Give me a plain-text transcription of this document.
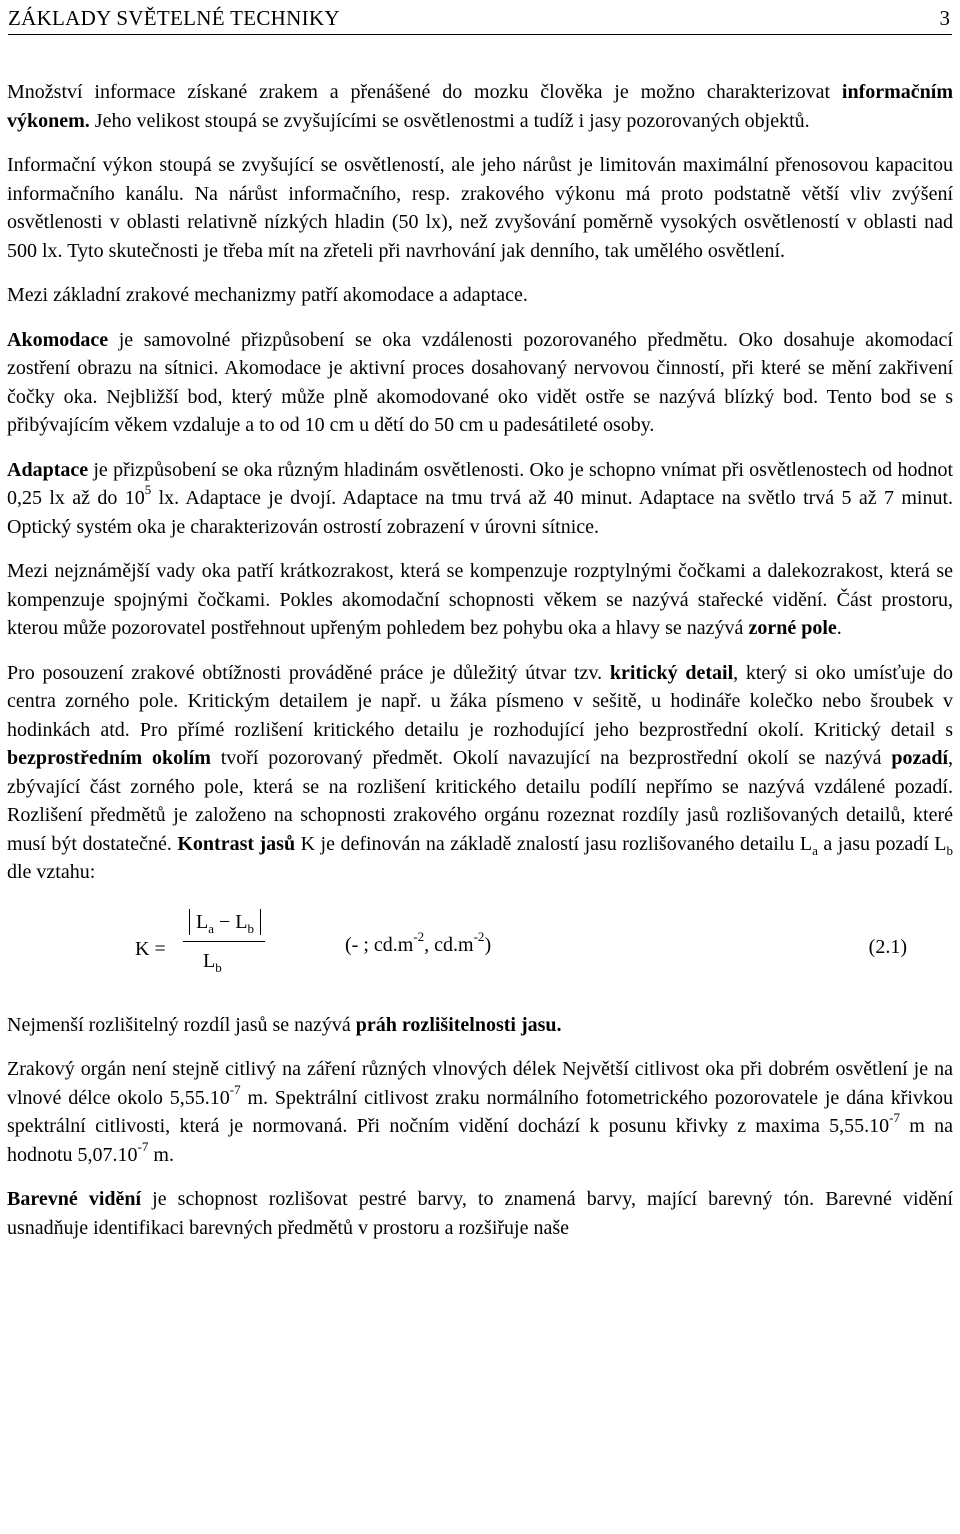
ZÁKLADY SVĚTELNÉ TECHNIKY	3

Množství informace získané zrakem a přenášené do mozku člověka je možno charakterizovat informačním výkonem. Jeho velikost stoupá se zvyšujícími se osvětlenostmi a tudíž i jasy pozorovaných objektů.

Informační výkon stoupá se zvyšující se osvětleností, ale jeho nárůst je limitován maximální přenosovou kapacitou informačního kanálu. Na nárůst informačního, resp. zrakového výkonu má proto podstatně větší vliv zvýšení osvětlenosti v oblasti relativně nízkých hladin (50 lx), než zvyšování poměrně vysokých osvětleností v oblasti nad 500 lx. Tyto skutečnosti je třeba mít na zřeteli při navrhování jak denního, tak umělého osvětlení.

Mezi základní zrakové mechanizmy patří akomodace a adaptace.

Akomodace je samovolné přizpůsobení se oka vzdálenosti pozorovaného předmětu. Oko dosahuje akomodací zostření obrazu na sítnici. Akomodace je aktivní proces dosahovaný nervovou činností, při které se mění zakřivení čočky oka. Nejbližší bod, který může plně akomodované oko vidět ostře se nazývá blízký bod. Tento bod se s přibývajícím věkem vzdaluje a to od 10 cm u dětí do 50 cm u padesátileté osoby.

Adaptace je přizpůsobení se oka různým hladinám osvětlenosti. Oko je schopno vnímat při osvětlenostech od hodnot 0,25 lx až do $10^5$ lx. Adaptace je dvojí. Adaptace na tmu trvá až 40 minut. Adaptace na světlo trvá 5 až 7 minut. Optický systém oka je charakterizován ostrostí zobrazení v úrovni sítnice.

Mezi nejznámější vady oka patří krátkozrakost, která se kompenzuje rozptylnými čočkami a dalekozrakost, která se kompenzuje spojnými čočkami. Pokles akomodační schopnosti věkem se nazývá stařecké vidění. Část prostoru, kterou může pozorovatel postřehnout upřeným pohledem bez pohybu oka a hlavy se nazývá zorné pole.

Pro posouzení zrakové obtížnosti prováděné práce je důležitý útvar tzv. kritický detail, který si oko umísťuje do centra zorného pole. Kritickým detailem je např. u žáka písmeno v sešitě, u hodináře kolečko nebo šroubek v hodinkách atd. Pro přímé rozlišení kritického detailu je rozhodující jeho bezprostřední okolí. Kritický detail s bezprostředním okolím tvoří pozorovaný předmět. Okolí navazující na bezprostřední okolí se nazývá pozadí, zbývající část zorného pole, která se na rozlišení kritického detailu podílí nepřímo se nazývá vzdálené pozadí. Rozlišení předmětů je založeno na schopnosti zrakového orgánu rozeznat rozdíly jasů rozlišovaných detailů, které musí být dostatečné. Kontrast jasů K je definován na základě znalostí jasu rozlišovaného detailu $L_a$ a jasu pozadí $L_b$ dle vztahu:

K =
$L_a - L_b$
$L_b$
(- ; $cd.m^{-2}$, $cd.m^{-2}$)	(2.1)

Nejmenší rozlišitelný rozdíl jasů se nazývá práh rozlišitelnosti jasu.

Zrakový orgán není stejně citlivý na záření různých vlnových délek Největší citlivost oka při dobrém osvětlení je na vlnové délce okolo $5,55.10^{-7}$ m. Spektrální citlivost zraku normálního fotometrického pozorovatele je dána křivkou spektrální citlivosti, která je normovaná. Při nočním vidění dochází k posunu křivky z maxima $5,55.10^{-7}$ m na hodnotu $5,07.10^{-7}$ m.

Barevné vidění je schopnost rozlišovat pestré barvy, to znamená barvy, mající barevný tón. Barevné vidění usnadňuje identifikaci barevných předmětů v prostoru a rozšiřuje naše
